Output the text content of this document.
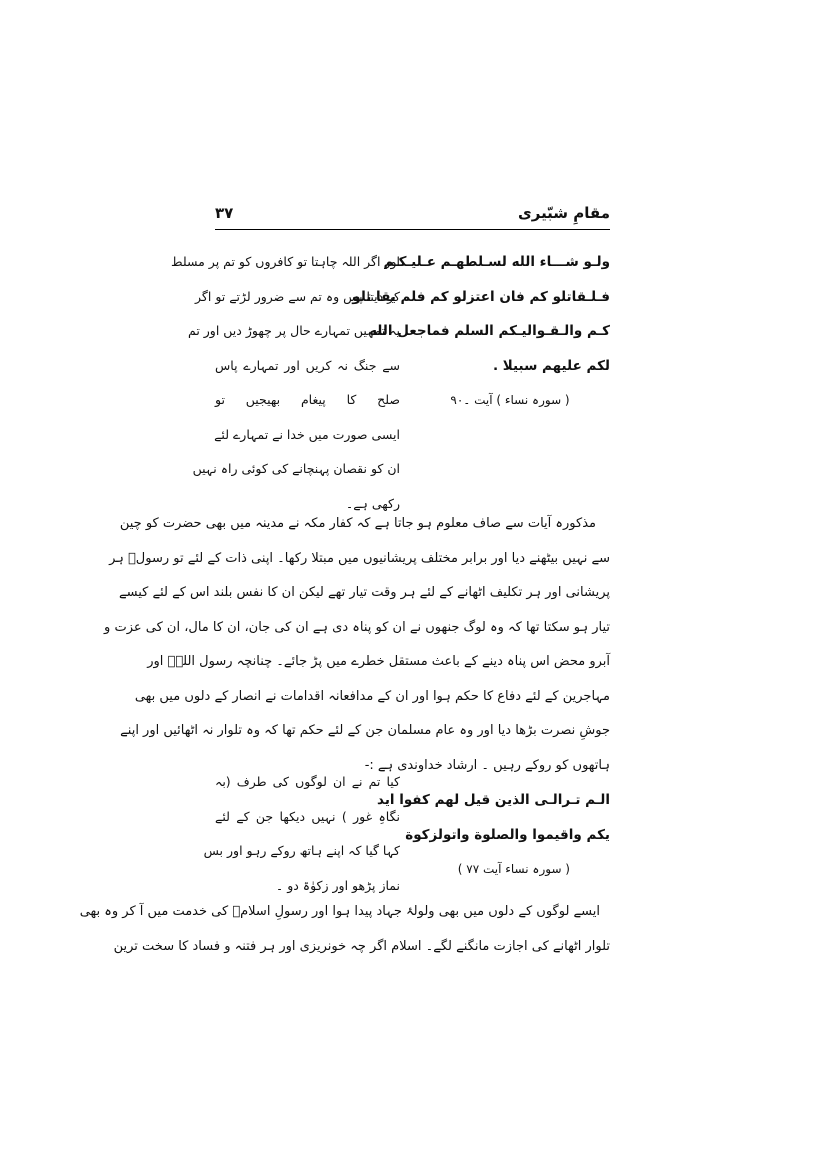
مقامِ شبّیری
۳۷
ولـو شـــاء الله لسـلطهـم عـليـكـم
فـلـقاتلو كم فان اعتزلو كم فلم يقا تلو
كـم والـقـواليـكم السلم فماجعل الله
لكم عليهم سبيلا .
( سورہ نساء ) آیت ۔۹۰
اور اگر اللہ چاہتا تو کافروں کو تم پر مسلط
کر دیتا پس وہ تم سے ضرور لڑتے تو اگر
یہ تمہیں تمہارے حال پر چھوڑ دیں اور تم
سے جنگ نہ کریں اور تمہارے پاس
صلح کا پیغام بھیجیں تو
ایسی صورت میں خدا نے تمہارے لئے
ان کو نقصان پہنچانے کی کوئی راہ نہیں
رکھی ہے۔
مذکورہ آیات سے صاف معلوم ہو جاتا ہے کہ کفار مکہ نے مدینہ میں بھی حضرت کو چین
سے نہیں بیٹھنے دیا اور برابر مختلف پریشانیوں میں مبتلا رکھا۔ اپنی ذات کے لئے تو رسولؐ ہر
پریشانی اور ہر تکلیف اٹھانے کے لئے ہر وقت تیار تھے لیکن ان کا نفس بلند اس کے لئے کیسے
تیار ہو سکتا تھا کہ وہ لوگ جنھوں نے ان کو پناہ دی ہے ان کی جان، ان کا مال، ان کی عزت و
آبرو محض اس پناہ دینے کے باعث مستقل خطرے میں پڑ جائے۔ چنانچہ رسول اللہؐ اور
مہاجرین کے لئے دفاع کا حکم ہوا اور ان کے مدافعانہ اقدامات نے انصار کے دلوں میں بھی
جوشِ نصرت بڑھا دیا اور وہ عام مسلمان جن کے لئے حکم تھا کہ وہ تلوار نہ اٹھائیں اور اپنے
ہاتھوں کو روکے رہیں ۔ ارشاد خداوندی ہے :-
الـم تـرالـى الذين قيل لهم كفوا ايد
يكم واقيموا والصلوة واتولزكوة
( سورہ نساء آیت ۷۷ )
کیا تم نے ان لوگوں کی طرف (بہ
نگاہِ غور ) نہیں دیکھا جن کے لئے
کہا گیا کہ اپنے ہاتھ روکے رہو اور بس
نماز پڑھو اور زکوٰۃ دو ۔
ایسے لوگوں کے دلوں میں بھی ولولۂ جہاد پیدا ہوا اور رسولِ اسلامؐ کی خدمت میں آ کر وہ بھی
تلوار اٹھانے کی اجازت مانگنے لگے۔ اسلام اگر چہ خونریزی اور ہر فتنہ و فساد کا سخت ترین
